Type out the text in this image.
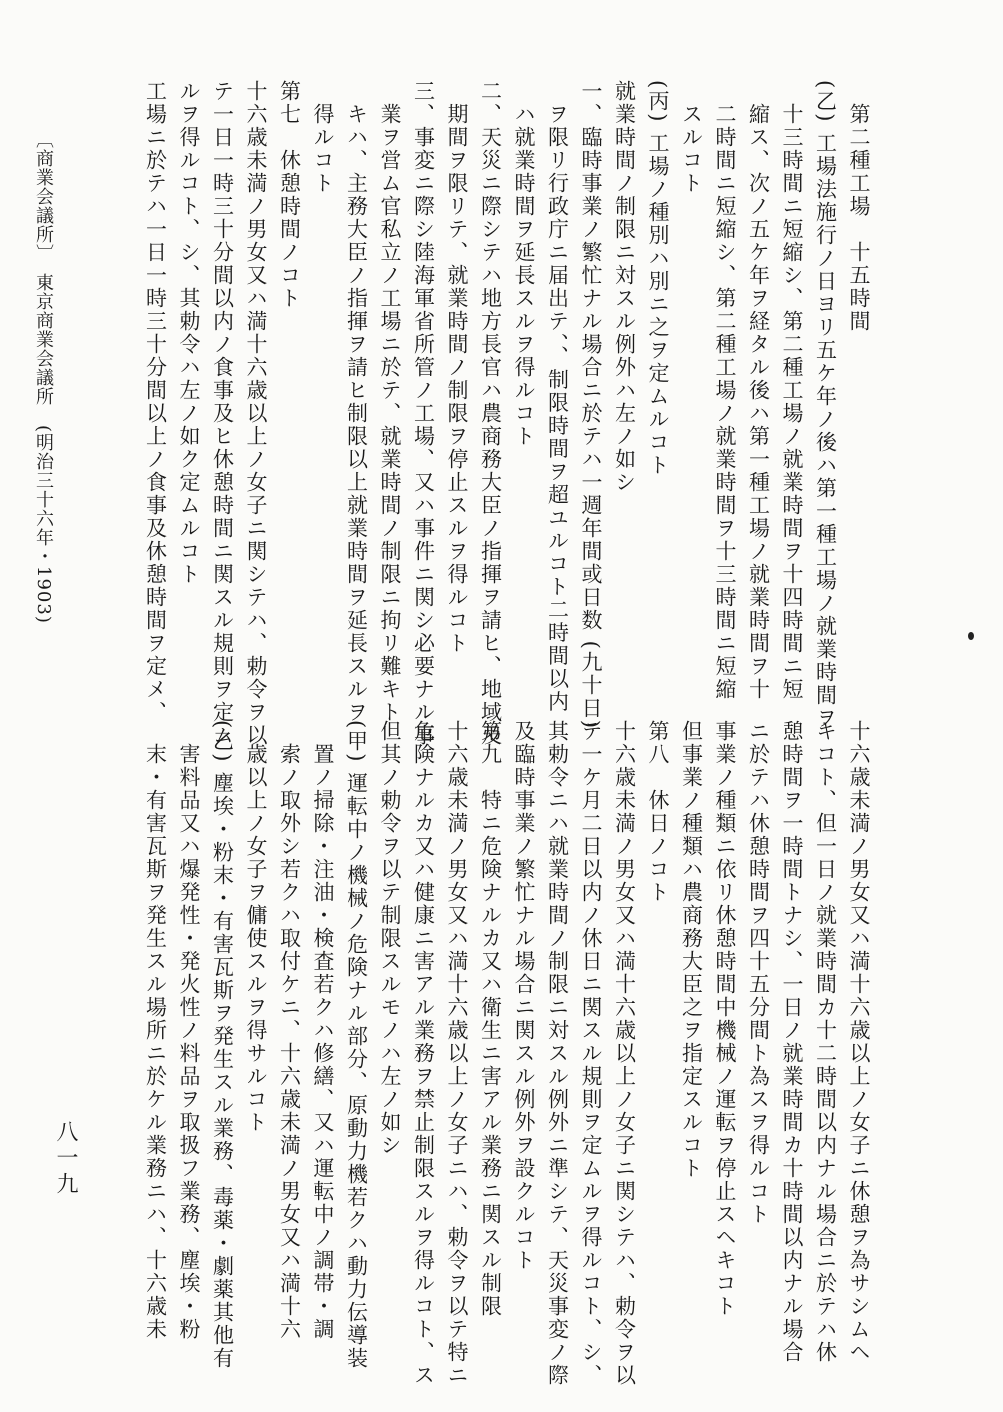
　第二種工場　十五時間
(乙) 工場法施行ノ日ヨリ五ケ年ノ後ハ第一種工場ノ就業時間ヲ
　十三時間ニ短縮シ、第二種工場ノ就業時間ヲ十四時間ニ短
　縮ス、次ノ五ケ年ヲ経タル後ハ第一種工場ノ就業時間ヲ十
　二時間ニ短縮シ、第二種工場ノ就業時間ヲ十三時間ニ短縮
　スルコト
(丙) 工場ノ種別ハ別ニ之ヲ定ムルコト
就業時間ノ制限ニ対スル例外ハ左ノ如シ
一、臨時事業ノ繁忙ナル場合ニ於テハ一週年間或日数 (九十日)
　ヲ限リ行政庁ニ届出テ、、制限時間ヲ超ユルコト二時間以内
　ハ就業時間ヲ延長スルヲ得ルコト
二、天災ニ際シテハ地方長官ハ農商務大臣ノ指揮ヲ請ヒ、地域及
　期間ヲ限リテ、就業時間ノ制限ヲ停止スルヲ得ルコト
三、事変ニ際シ陸海軍省所管ノ工場、又ハ事件ニ関シ必要ナル事
　業ヲ営ム官私立ノ工場ニ於テ、就業時間ノ制限ニ拘リ難キト
　キハ、主務大臣ノ指揮ヲ請ヒ制限以上就業時間ヲ延長スルヲ
　得ルコト
第七　休憩時間ノコト
十六歳未満ノ男女又ハ満十六歳以上ノ女子ニ関シテハ、勅令ヲ以
テ一日一時三十分間以内ノ食事及ヒ休憩時間ニ関スル規則ヲ定ム
ルヲ得ルコト、シ、其勅令ハ左ノ如ク定ムルコト
工場ニ於テハ一日一時三十分間以上ノ食事及休憩時間ヲ定メ、
十六歳未満ノ男女又ハ満十六歳以上ノ女子ニ休憩ヲ為サシムヘ
キコト、但一日ノ就業時間カ十二時間以内ナル場合ニ於テハ休
憩時間ヲ一時間トナシ、一日ノ就業時間カ十時間以内ナル場合
ニ於テハ休憩時間ヲ四十五分間ト為スヲ得ルコト
事業ノ種類ニ依リ休憩時間中機械ノ運転ヲ停止スヘキコト
但事業ノ種類ハ農商務大臣之ヲ指定スルコト
第八　休日ノコト
十六歳未満ノ男女又ハ満十六歳以上ノ女子ニ関シテハ、勅令ヲ以
テ一ケ月二日以内ノ休日ニ関スル規則ヲ定ムルヲ得ルコト、シ、
其勅令ニハ就業時間ノ制限ニ対スル例外ニ準シテ、天災事変ノ際
及臨時事業ノ繁忙ナル場合ニ関スル例外ヲ設クルコト
第九　特ニ危険ナルカ又ハ衛生ニ害アル業務ニ関スル制限
十六歳未満ノ男女又ハ満十六歳以上ノ女子ニハ、勅令ヲ以テ特ニ
危険ナルカ又ハ健康ニ害アル業務ヲ禁止制限スルヲ得ルコト、ス
但其ノ勅令ヲ以テ制限スルモノハ左ノ如シ
(甲) 運転中ノ機械ノ危険ナル部分、原動力機若クハ動力伝導装
　置ノ掃除・注油・検査若クハ修繕、又ハ運転中ノ調帯・調
　索ノ取外シ若クハ取付ケニ、十六歳未満ノ男女又ハ満十六
　歳以上ノ女子ヲ傭使スルヲ得サルコト
(乙) 塵埃・粉末・有害瓦斯ヲ発生スル業務、毒薬・劇薬其他有
　害料品又ハ爆発性・発火性ノ料品ヲ取扱フ業務、塵埃・粉
　末・有害瓦斯ヲ発生スル場所ニ於ケル業務ニハ、十六歳未
〔商業会議所〕　東京商業会議所　(明治三十六年・1903)
八一九
